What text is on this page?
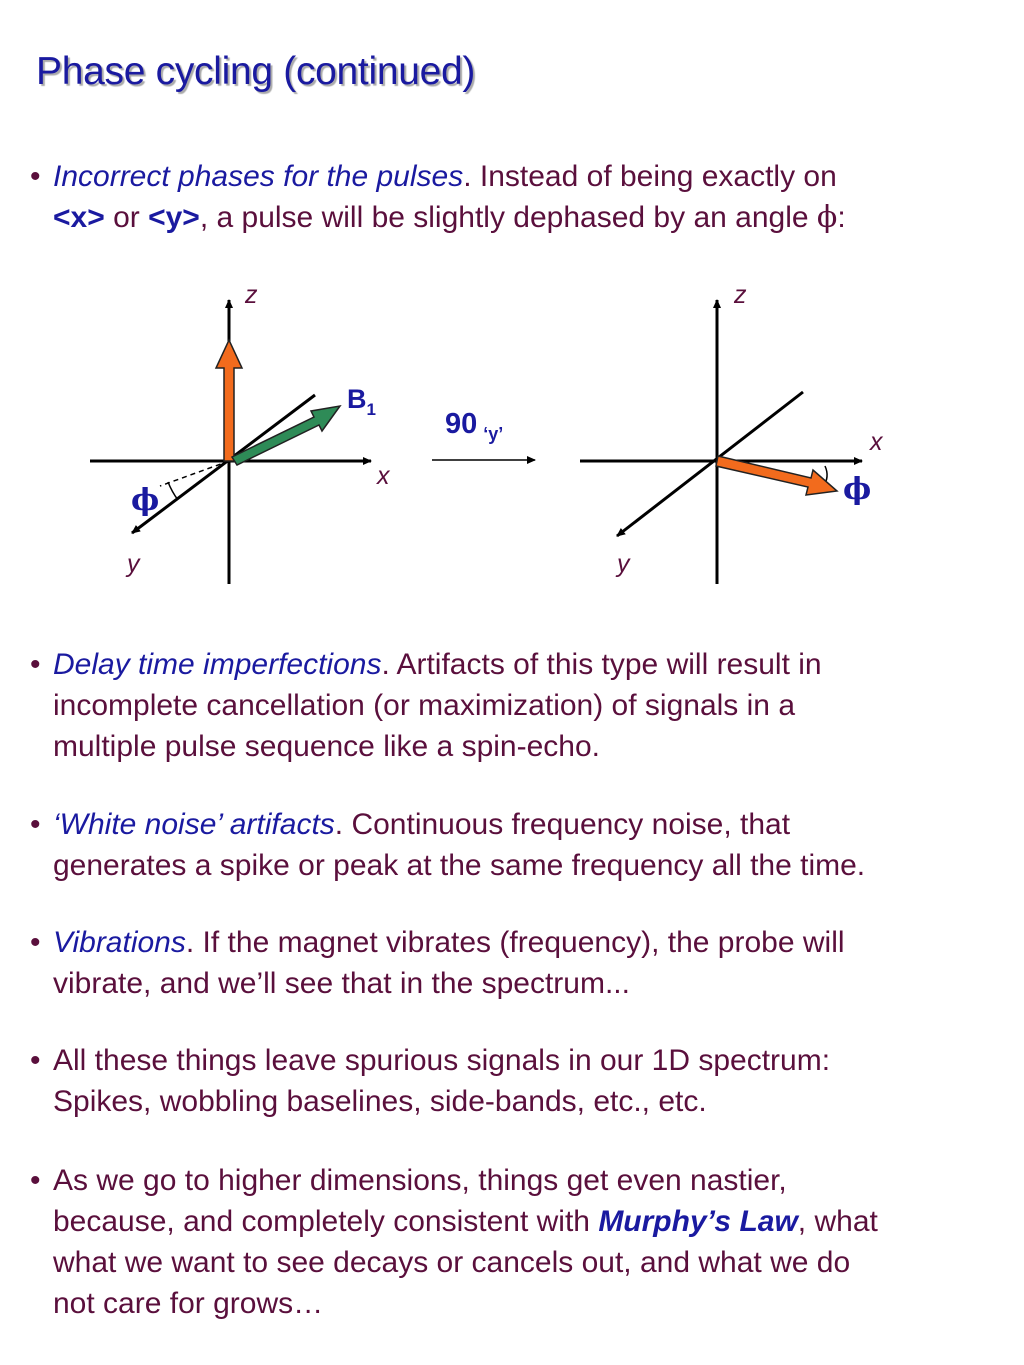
Phase cycling (continued)
• Incorrect phases for the pulses. Instead of being exactly on
<x> or <y>, a pulse will be slightly dephased by an angle ϕ:
z
x
y
$B_1$
ϕ
90 $_{‘y’}$
z
x
y
ϕ
• Delay time imperfections. Artifacts of this type will result in
incomplete cancellation (or maximization) of signals in a
multiple pulse sequence like a spin-echo.
• ‘White noise’ artifacts. Continuous frequency noise, that
generates a spike or peak at the same frequency all the time.
• Vibrations. If the magnet vibrates (frequency), the probe will
vibrate, and we’ll see that in the spectrum...
• All these things leave spurious signals in our 1D spectrum:
Spikes, wobbling baselines, side-bands, etc., etc.
• As we go to higher dimensions, things get even nastier,
because, and completely consistent with Murphy’s Law, what
what we want to see decays or cancels out, and what we do
not care for grows…
